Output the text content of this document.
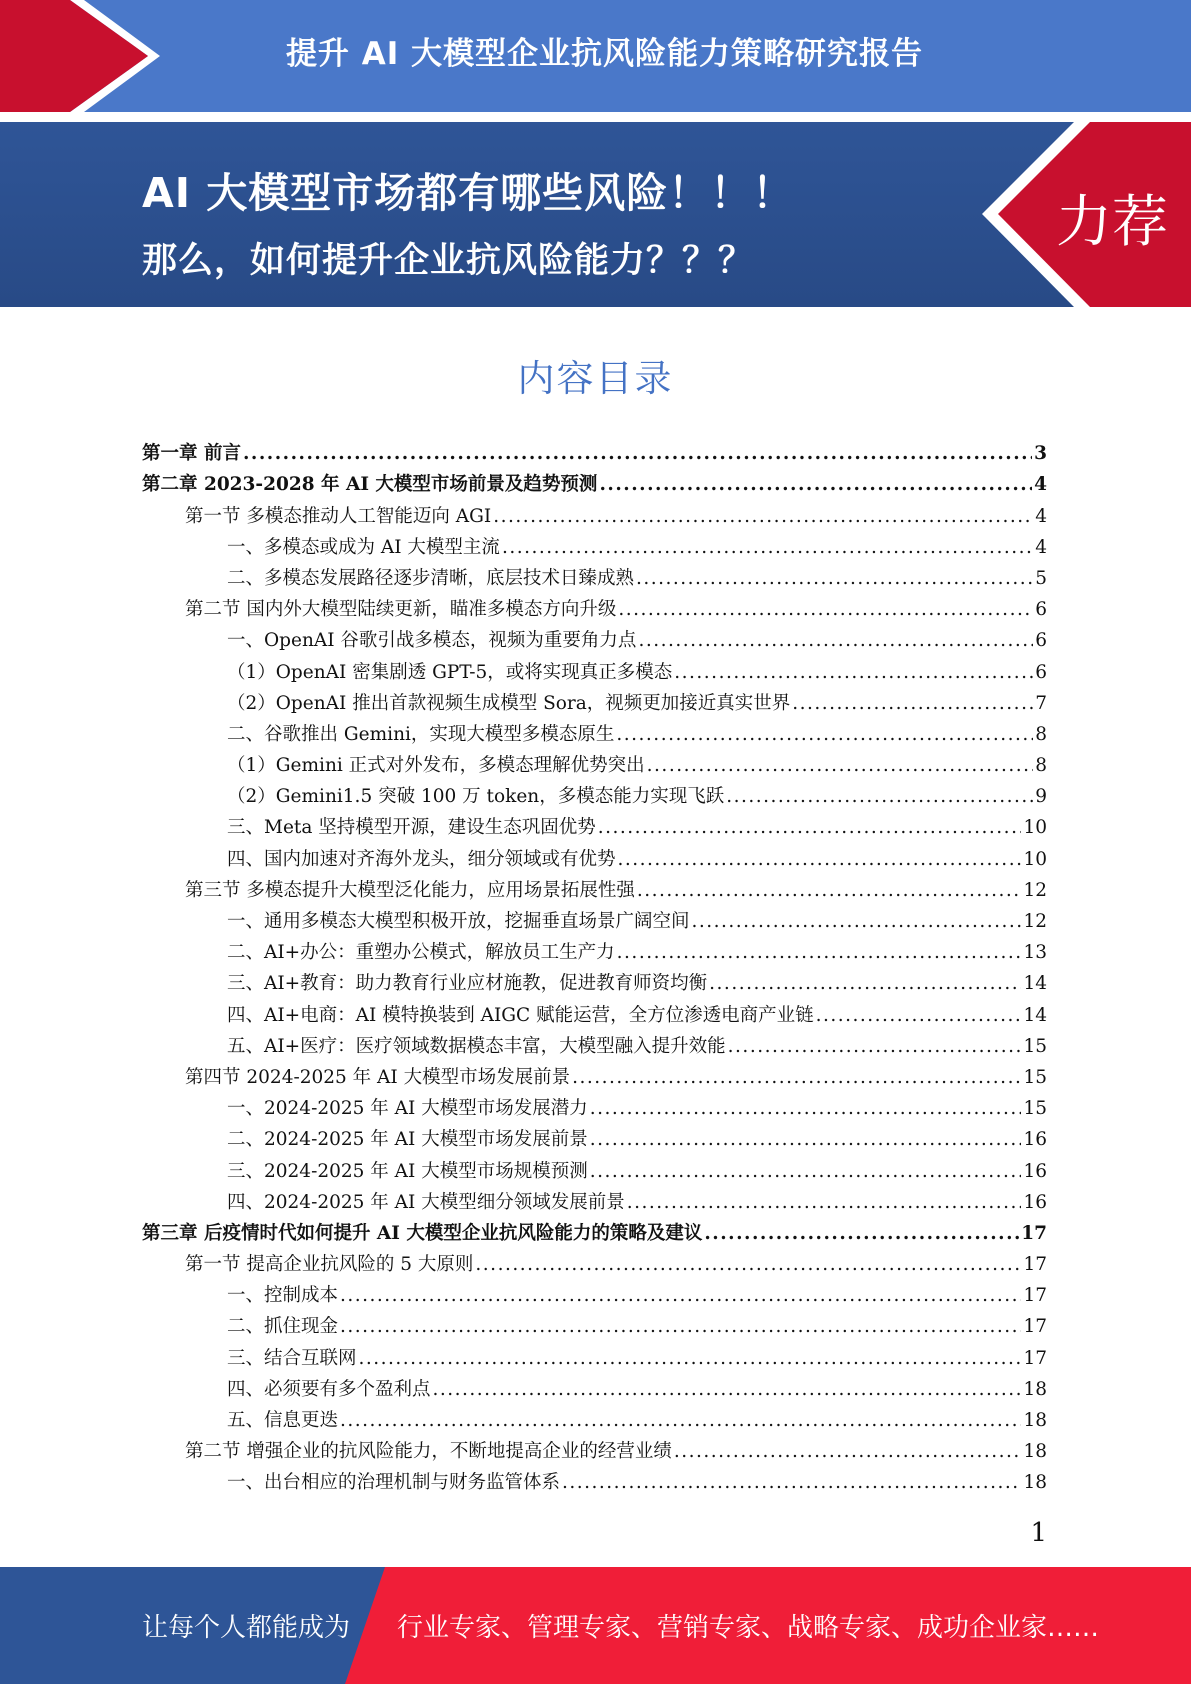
提升 AI 大模型企业抗风险能力策略研究报告
AI 大模型市场都有哪些风险！！！
那么，如何提升企业抗风险能力？？？
力荐
内容目录
第一章 前言 .....	3
第二章 2023-2028 年 AI 大模型市场前景及趋势预测 .....	4
第一节 多模态推动人工智能迈向 AGI .....	4
一、多模态或成为 AI 大模型主流 .....	4
二、多模态发展路径逐步清晰，底层技术日臻成熟 .....	5
第二节 国内外大模型陆续更新，瞄准多模态方向升级 .....	6
一、OpenAI 谷歌引战多模态，视频为重要角力点 .....	6
（1）OpenAI 密集剧透 GPT-5，或将实现真正多模态 .....	6
（2）OpenAI 推出首款视频生成模型 Sora，视频更加接近真实世界 .....	7
二、谷歌推出 Gemini，实现大模型多模态原生 .....	8
（1）Gemini 正式对外发布，多模态理解优势突出 .....	8
（2）Gemini1.5 突破 100 万 token，多模态能力实现飞跃 .....	9
三、Meta 坚持模型开源，建设生态巩固优势 .....	10
四、国内加速对齐海外龙头，细分领域或有优势 .....	10
第三节 多模态提升大模型泛化能力，应用场景拓展性强 .....	12
一、通用多模态大模型积极开放，挖掘垂直场景广阔空间 .....	12
二、AI+办公：重塑办公模式，解放员工生产力 .....	13
三、AI+教育：助力教育行业应材施教，促进教育师资均衡 .....	14
四、AI+电商：AI 模特换装到 AIGC 赋能运营，全方位渗透电商产业链 .....	14
五、AI+医疗：医疗领域数据模态丰富，大模型融入提升效能 .....	15
第四节 2024-2025 年 AI 大模型市场发展前景 .....	15
一、2024-2025 年 AI 大模型市场发展潜力 .....	15
二、2024-2025 年 AI 大模型市场发展前景 .....	16
三、2024-2025 年 AI 大模型市场规模预测 .....	16
四、2024-2025 年 AI 大模型细分领域发展前景 .....	16
第三章 后疫情时代如何提升 AI 大模型企业抗风险能力的策略及建议 .....	17
第一节 提高企业抗风险的 5 大原则 .....	17
一、控制成本 .....	17
二、抓住现金 .....	17
三、结合互联网 .....	17
四、必须要有多个盈利点 .....	18
五、信息更迭 .....	18
第二节 增强企业的抗风险能力，不断地提高企业的经营业绩 .....	18
一、出台相应的治理机制与财务监管体系 .....	18
1
让每个人都能成为 行业专家、管理专家、营销专家、战略专家、成功企业家……
